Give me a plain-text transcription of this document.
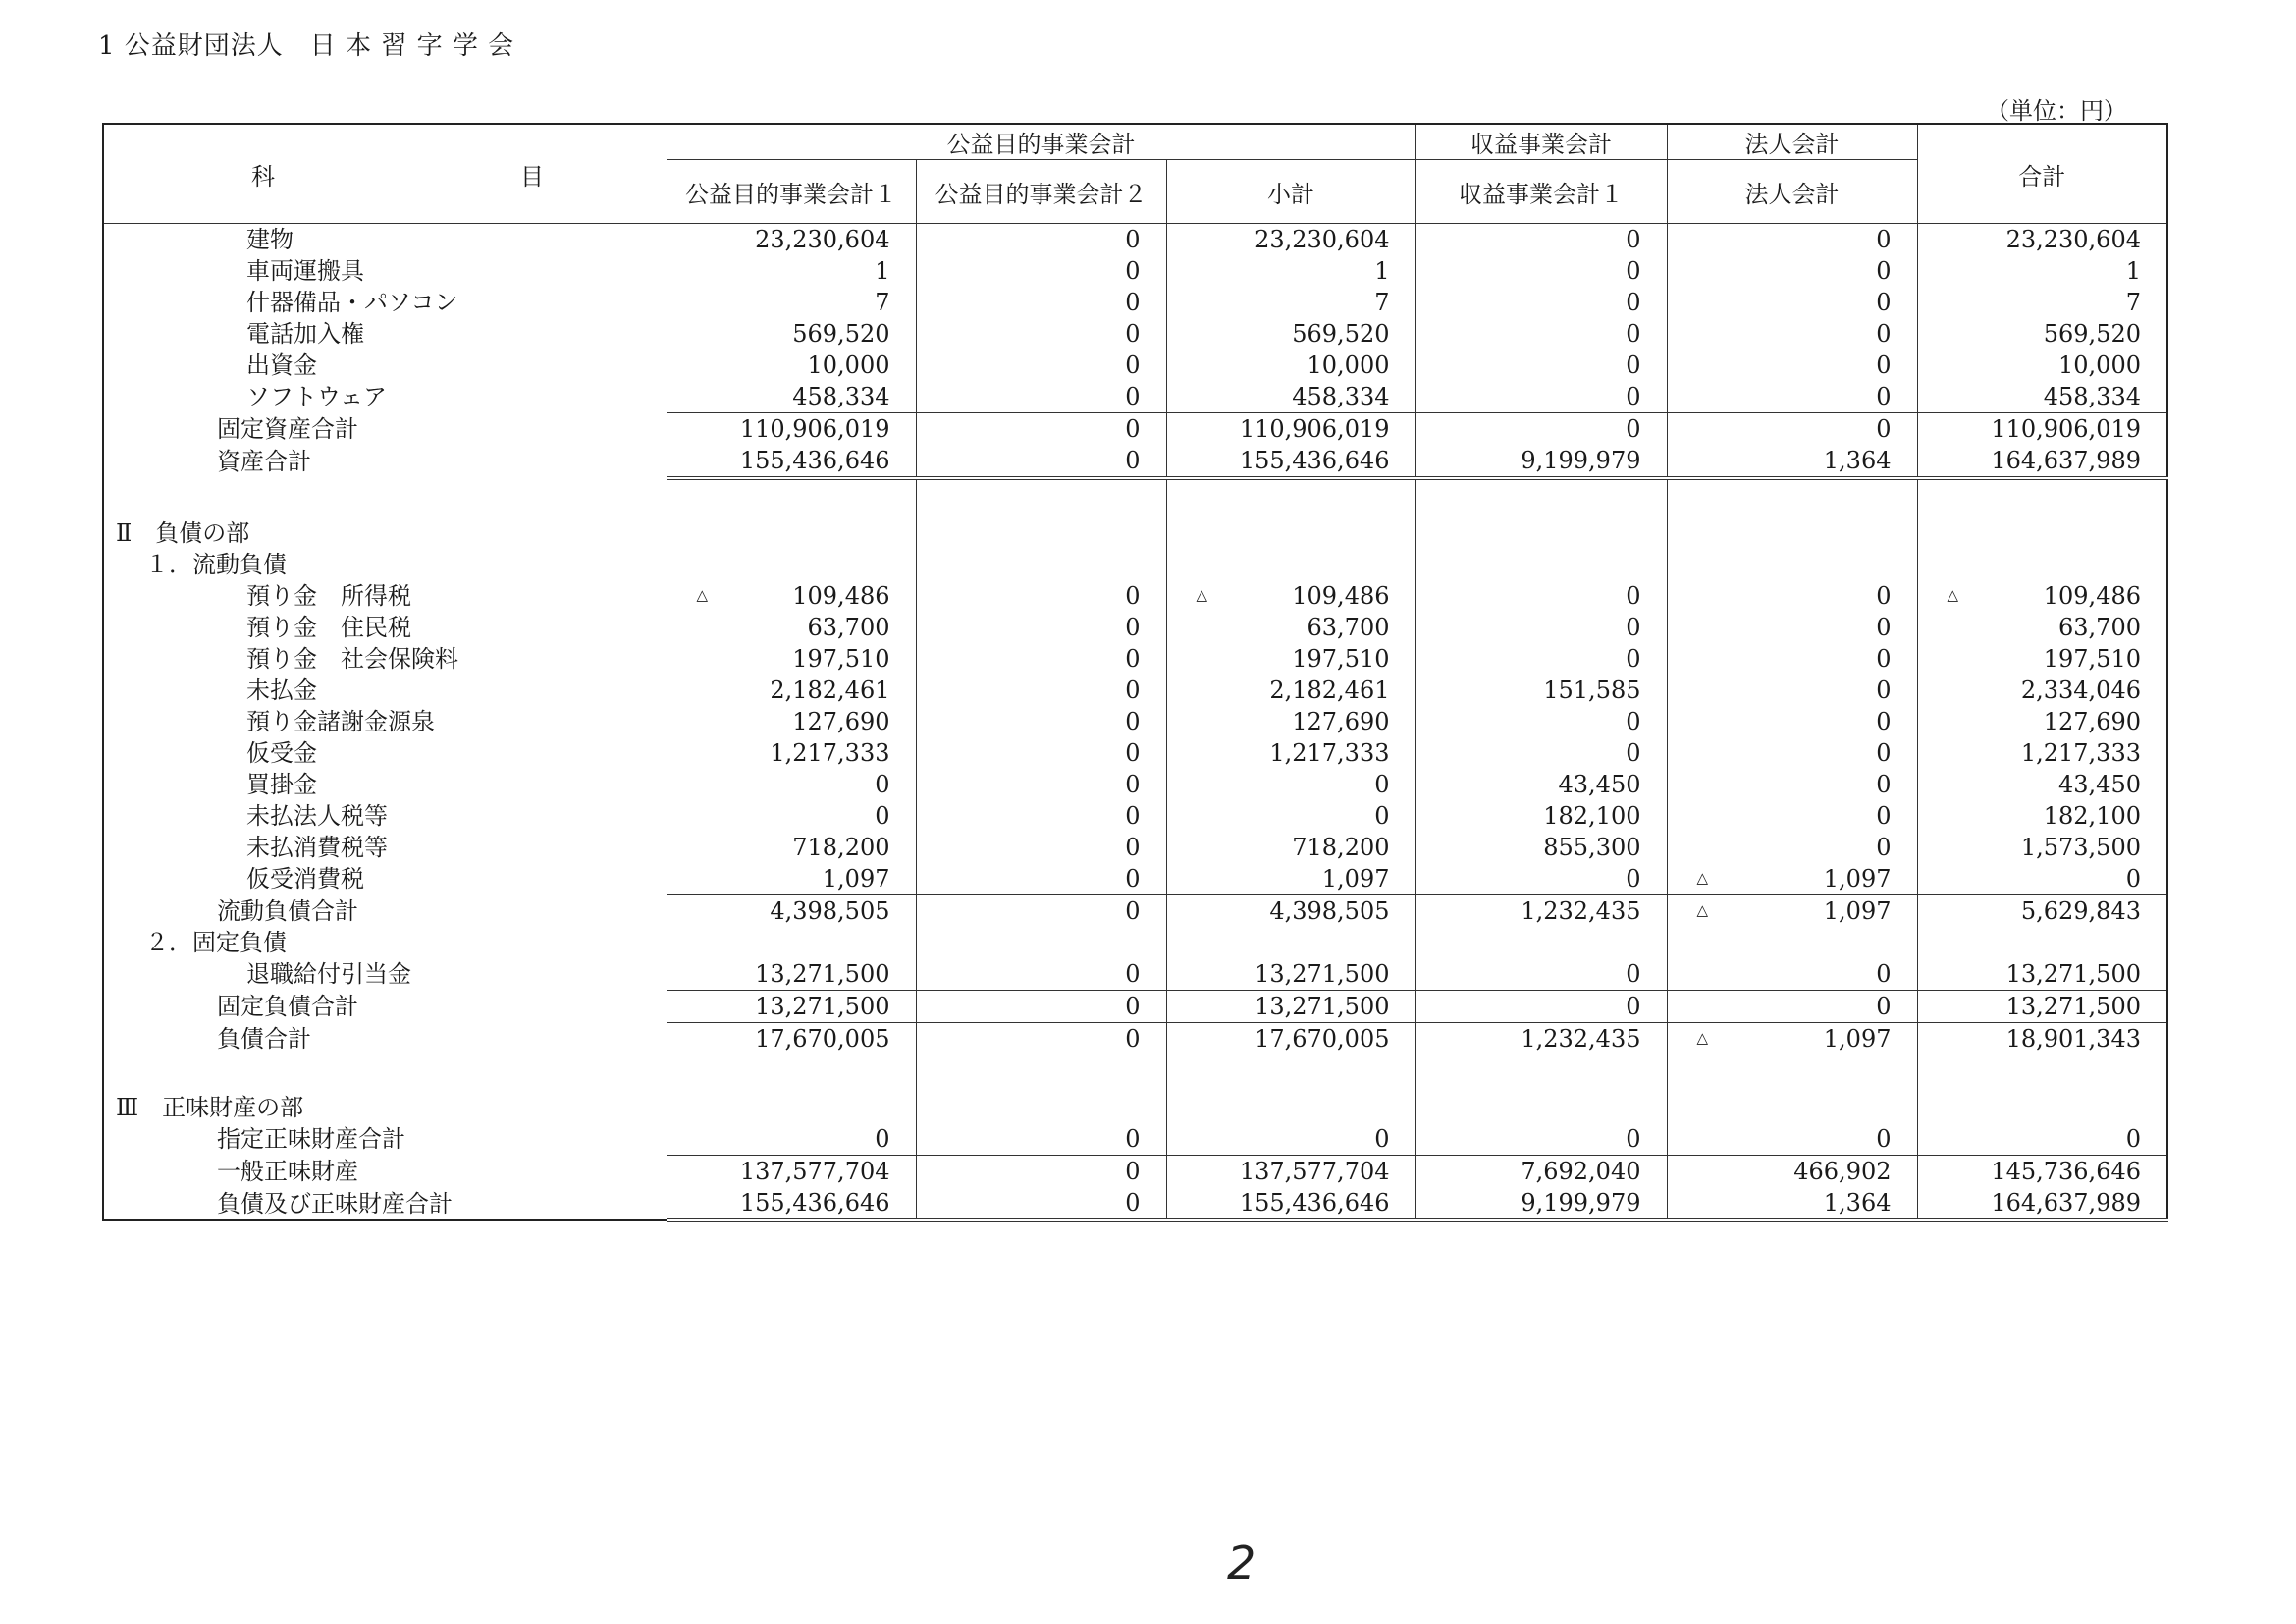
1 公益財団法人　日 本 習 字 学 会
（単位：円）
科 目	公益目的事業会計			収益事業会計	法人会計	合計
	公益目的事業会計１	公益目的事業会計２	小計	収益事業会計１	法人会計	
建物	23,230,604	0	23,230,604	0	0	23,230,604
車両運搬具	1	0	1	0	0	1
什器備品・パソコン	7	0	7	0	0	7
電話加入権	569,520	0	569,520	0	0	569,520
出資金	10,000	0	10,000	0	0	10,000
ソフトウェア	458,334	0	458,334	0	0	458,334
固定資産合計	110,906,019	0	110,906,019	0	0	110,906,019
資産合計	155,436,646	0	155,436,646	9,199,979	1,364	164,637,989

Ⅱ　負債の部						
１．流動負債						
預り金　所得税	△ 109,486	0	△ 109,486	0	0	△ 109,486
預り金　住民税	63,700	0	63,700	0	0	63,700
預り金　社会保険料	197,510	0	197,510	0	0	197,510
未払金	2,182,461	0	2,182,461	151,585	0	2,334,046
預り金諸謝金源泉	127,690	0	127,690	0	0	127,690
仮受金	1,217,333	0	1,217,333	0	0	1,217,333
買掛金	0	0	0	43,450	0	43,450
未払法人税等	0	0	0	182,100	0	182,100
未払消費税等	718,200	0	718,200	855,300	0	1,573,500
仮受消費税	1,097	0	1,097	0	△ 1,097	0
流動負債合計	4,398,505	0	4,398,505	1,232,435	△ 1,097	5,629,843
２．固定負債						
退職給付引当金	13,271,500	0	13,271,500	0	0	13,271,500
固定負債合計	13,271,500	0	13,271,500	0	0	13,271,500
負債合計	17,670,005	0	17,670,005	1,232,435	△ 1,097	18,901,343

Ⅲ　正味財産の部						
指定正味財産合計	0	0	0	0	0	0
一般正味財産	137,577,704	0	137,577,704	7,692,040	466,902	145,736,646
負債及び正味財産合計	155,436,646	0	155,436,646	9,199,979	1,364	164,637,989
2
